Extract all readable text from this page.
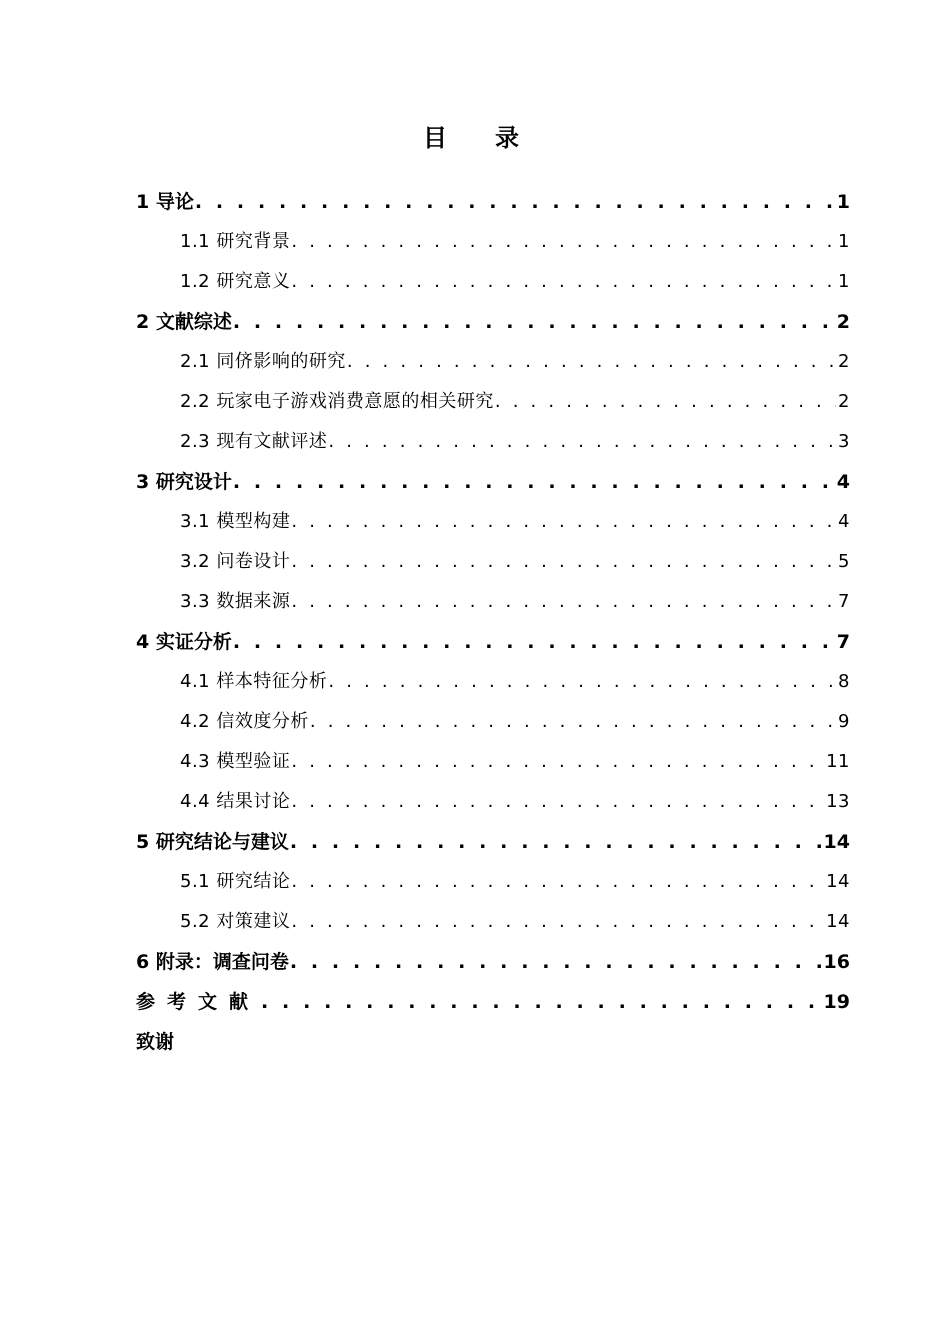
目录
1 导论 . . .	1
1.1 研究背景 . . .	1
1.2 研究意义 . . .	1
2 文献综述 . . .	2
2.1 同侪影响的研究 . . .	2
2.2 玩家电子游戏消费意愿的相关研究 . . .	2
2.3 现有文献评述 . . .	3
3 研究设计 . . .	4
3.1 模型构建 . . .	4
3.2 问卷设计 . . .	5
3.3 数据来源 . . .	7
4 实证分析 . . .	7
4.1 样本特征分析 . . .	8
4.2 信效度分析 . . .	9
4.3 模型验证 . . .	11
4.4 结果讨论 . . .	13
5 研究结论与建议 . . .	14
5.1 研究结论 . . .	14
5.2 对策建议 . . .	14
6 附录：调查问卷 . . .	16
参考文献 . . .	19
致谢
